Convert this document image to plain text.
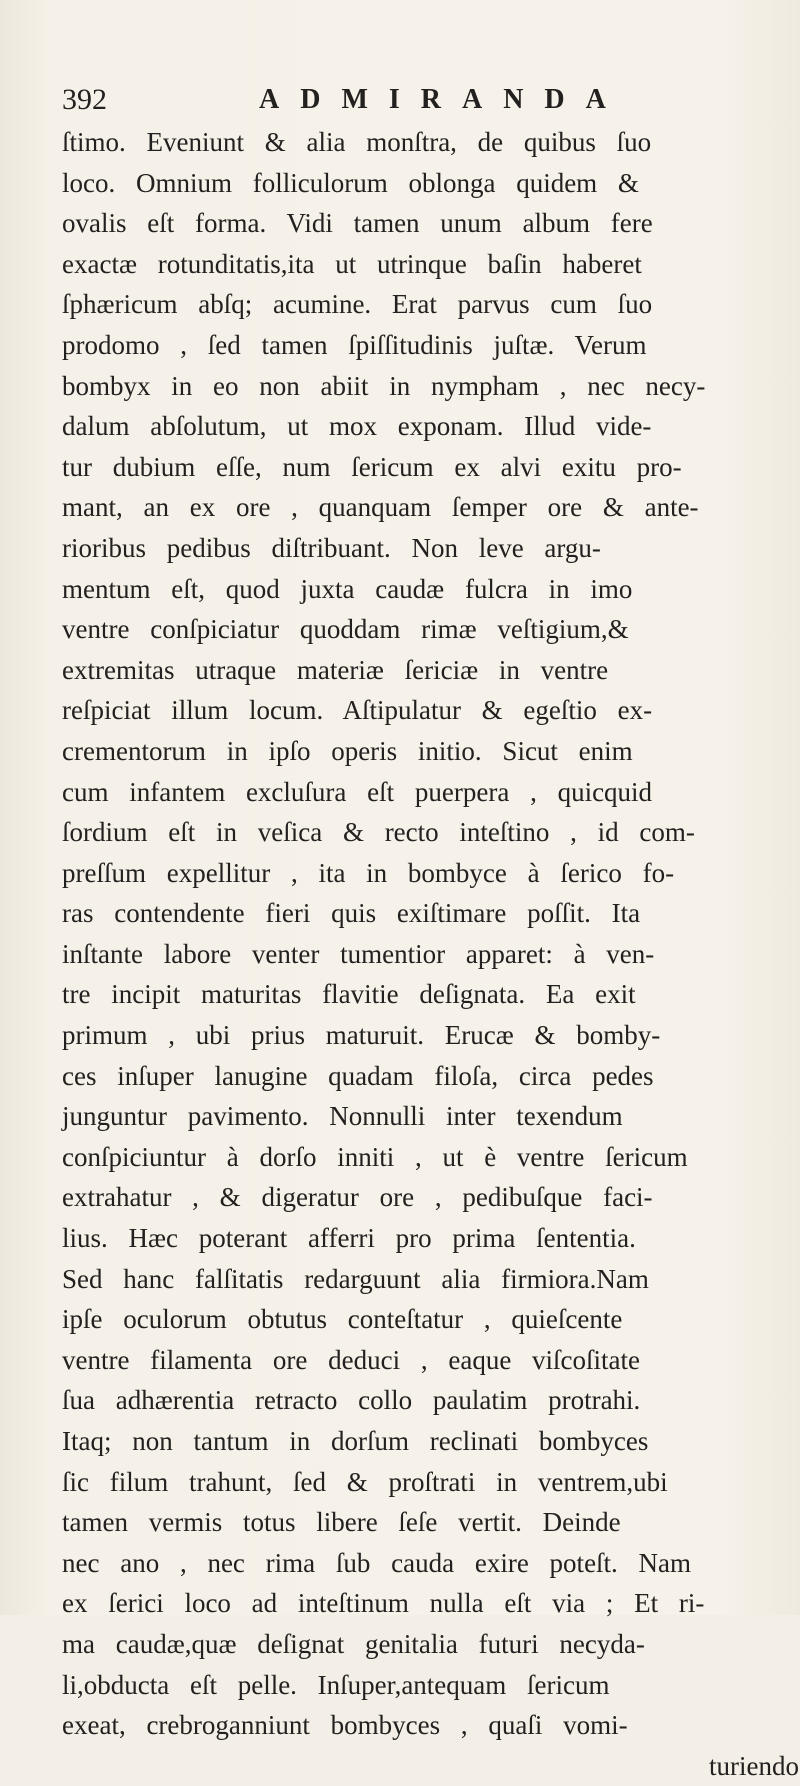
392	ADMIRANDA
ſtimo. Eveniunt & alia monſtra, de quibus ſuo
loco. Omnium folliculorum oblonga quidem &
ovalis eſt forma. Vidi tamen unum album fere
exactæ rotunditatis,ita ut utrinque baſin haberet
ſphæricum abſq; acumine. Erat parvus cum ſuo
prodomo , ſed tamen ſpiſſitudinis juſtæ. Verum
bombyx in eo non abiit in nympham , nec necy-
dalum abſolutum, ut mox exponam. Illud vide-
tur dubium eſſe, num ſericum ex alvi exitu pro-
mant, an ex ore , quanquam ſemper ore & ante-
rioribus pedibus diſtribuant. Non leve argu-
mentum eſt, quod juxta caudæ fulcra in imo
ventre conſpiciatur quoddam rimæ veſtigium,&
extremitas utraque materiæ ſericiæ in ventre
reſpiciat illum locum. Aſtipulatur & egeſtio ex-
crementorum in ipſo operis initio. Sicut enim
cum infantem excluſura eſt puerpera , quicquid
ſordium eſt in veſica & recto inteſtino , id com-
preſſum expellitur , ita in bombyce à ſerico fo-
ras contendente fieri quis exiſtimare poſſit. Ita
inſtante labore venter tumentior apparet: à ven-
tre incipit maturitas flavitie deſignata. Ea exit
primum , ubi prius maturuit. Erucæ & bomby-
ces inſuper lanugine quadam filoſa, circa pedes
junguntur pavimento. Nonnulli inter texendum
conſpiciuntur à dorſo inniti , ut è ventre ſericum
extrahatur , & digeratur ore , pedibuſque faci-
lius. Hæc poterant afferri pro prima ſententia.
Sed hanc falſitatis redarguunt alia firmiora.Nam
ipſe oculorum obtutus conteſtatur , quieſcente
ventre filamenta ore deduci , eaque viſcoſitate
ſua adhærentia retracto collo paulatim protrahi.
Itaq; non tantum in dorſum reclinati bombyces
ſic filum trahunt, ſed & proſtrati in ventrem,ubi
tamen vermis totus libere ſeſe vertit. Deinde
nec ano , nec rima ſub cauda exire poteſt. Nam
ex ſerici loco ad inteſtinum nulla eſt via ; Et ri-
ma caudæ,quæ deſignat genitalia futuri necyda-
li,obducta eſt pelle. Inſuper,antequam ſericum
exeat, crebroganniunt bombyces , quaſi vomi-
turiendo
